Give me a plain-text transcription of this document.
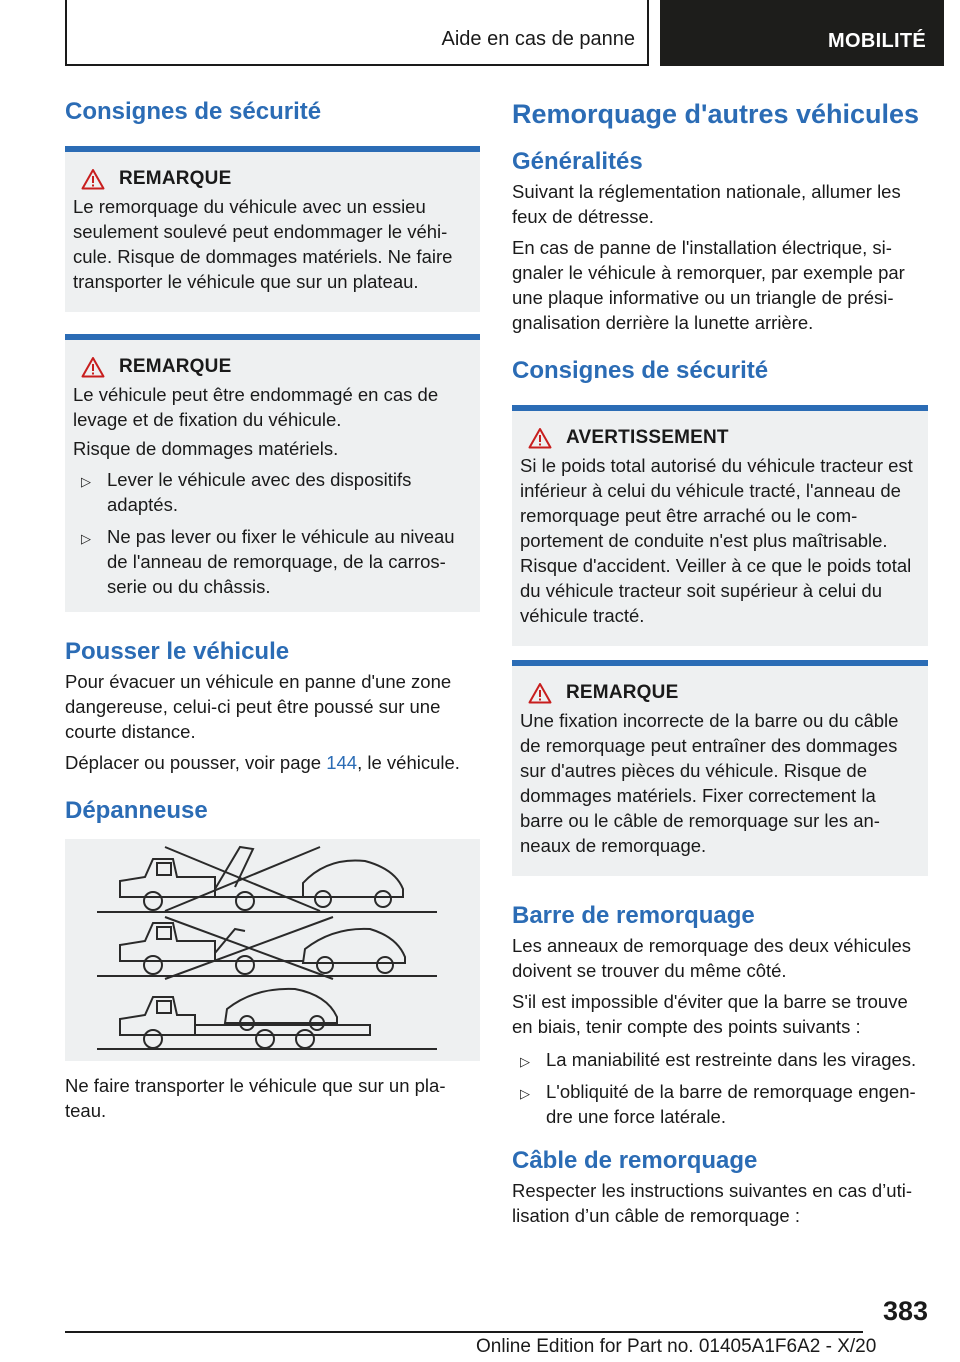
Aide en cas de panne	MOBILITÉ
Consignes de sécurité
REMARQUE

Le remorquage du véhicule avec un essieu seulement soulevé peut endommager le véhicule. Risque de dommages matériels. Ne faire transporter le véhicule que sur un plateau.

REMARQUE

Le véhicule peut être endommagé en cas de levage et de fixation du véhicule.

Risque de dommages matériels.

▷ Lever le véhicule avec des dispositifs adaptés.
▷ Ne pas lever ou fixer le véhicule au niveau de l'anneau de remorquage, de la carrosserie ou du châssis.
Pousser le véhicule

Pour évacuer un véhicule en panne d'une zone dangereuse, celui-ci peut être poussé sur une courte distance.

Déplacer ou pousser, voir page 144, le véhicule.

Dépanneuse

Ne faire transporter le véhicule que sur un plateau.

Remorquage d'autres véhicules
Généralités

Suivant la réglementation nationale, allumer les feux de détresse.

En cas de panne de l'installation électrique, signaler le véhicule à remorquer, par exemple par une plaque informative ou un triangle de présignalisation derrière la lunette arrière.

Consignes de sécurité
AVERTISSEMENT

Si le poids total autorisé du véhicule tracteur est inférieur à celui du véhicule tracté, l'anneau de remorquage peut être arraché ou le comportement de conduite n'est plus maîtrisable. Risque d'accident. Veiller à ce que le poids total du véhicule tracteur soit supérieur à celui du véhicule tracté.

REMARQUE

Une fixation incorrecte de la barre ou du câble de remorquage peut entraîner des dommages sur d'autres pièces du véhicule. Risque de dommages matériels. Fixer correctement la barre ou le câble de remorquage sur les anneaux de remorquage.

Barre de remorquage

Les anneaux de remorquage des deux véhicules doivent se trouver du même côté.

S'il est impossible d'éviter que la barre se trouve en biais, tenir compte des points suivants :

▷ La maniabilité est restreinte dans les virages.
▷ L'obliquité de la barre de remorquage engendre une force latérale.
Câble de remorquage

Respecter les instructions suivantes en cas d’utilisation d’un câble de remorquage :

383
Online Edition for Part no. 01405A1F6A2 - X/20
